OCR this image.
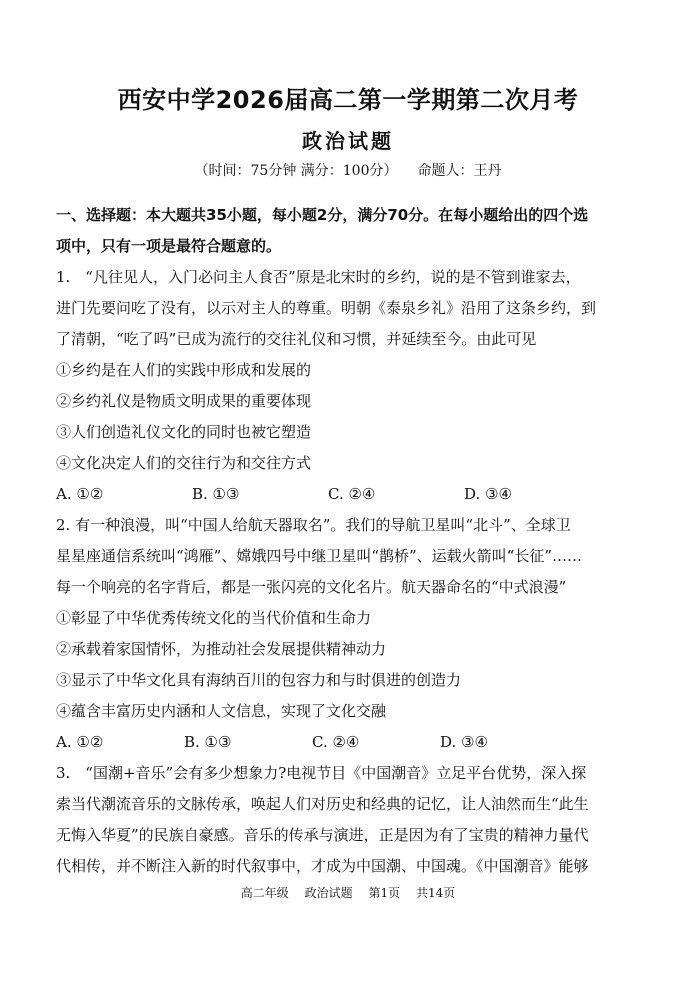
西安中学2026届高二第一学期第二次月考
政治试题
（时间：75分钟 满分：100分） 命题人：王丹
一、选择题：本大题共35小题，每小题2分，满分70分。在每小题给出的四个选
项中，只有一项是最符合题意的。
1.　“凡往见人，入门必问主人食否”原是北宋时的乡约，说的是不管到谁家去，
进门先要问吃了没有，以示对主人的尊重。明朝《泰泉乡礼》沿用了这条乡约，到
了清朝，“吃了吗”已成为流行的交往礼仪和习惯，并延续至今。由此可见
①乡约是在人们的实践中形成和发展的
②乡约礼仪是物质文明成果的重要体现
③人们创造礼仪文化的同时也被它塑造
④文化决定人们的交往行为和交往方式
A. ①②	B. ①③	C. ②④	D. ③④
2. 有一种浪漫，叫“中国人给航天器取名”。我们的导航卫星叫“北斗”、全球卫
星星座通信系统叫“鸿雁”、嫦娥四号中继卫星叫“鹊桥”、运载火箭叫“长征”……
每一个响亮的名字背后，都是一张闪亮的文化名片。航天器命名的“中式浪漫”
①彰显了中华优秀传统文化的当代价值和生命力
②承载着家国情怀，为推动社会发展提供精神动力
③显示了中华文化具有海纳百川的包容力和与时俱进的创造力
④蕴含丰富历史内涵和人文信息，实现了文化交融
A. ①②	B. ①③	C. ②④	D. ③④
3.　“国潮+音乐”会有多少想象力?电视节目《中国潮音》立足平台优势，深入探
索当代潮流音乐的文脉传承，唤起人们对历史和经典的记忆，让人油然而生“此生
无悔入华夏”的民族自豪感。音乐的传承与演进，正是因为有了宝贵的精神力量代
代相传，并不断注入新的时代叙事中，才成为中国潮、中国魂。《中国潮音》能够
高二年级 政治试题 第1页 共14页
